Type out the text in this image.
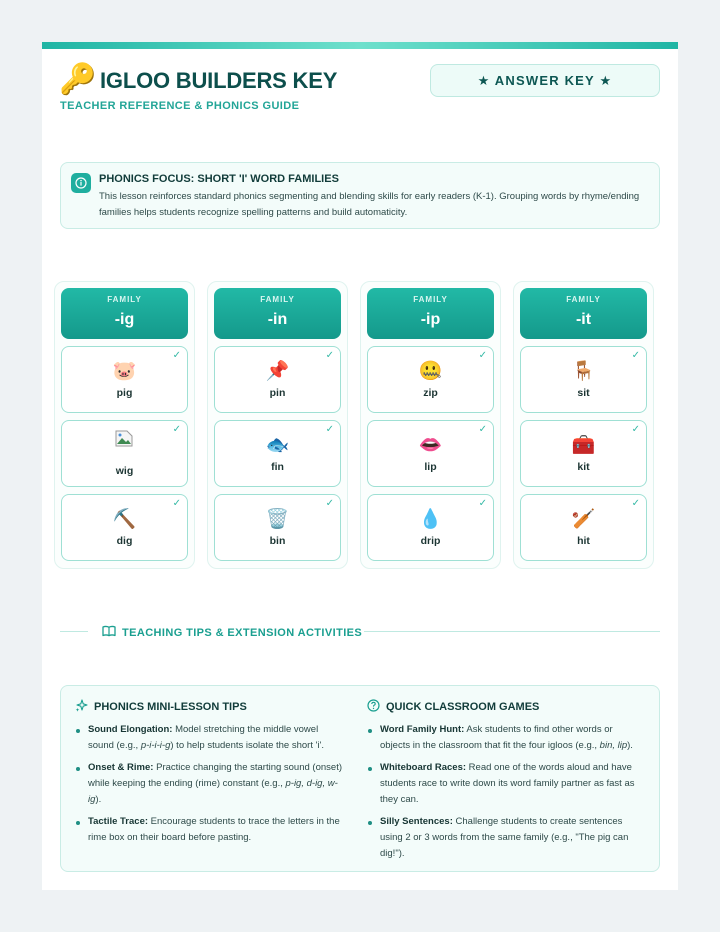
🔑 IGLOO BUILDERS KEY
TEACHER REFERENCE & PHONICS GUIDE
★ ANSWER KEY ★
PHONICS FOCUS: SHORT 'I' WORD FAMILIES
This lesson reinforces standard phonics segmenting and blending skills for early readers (K-1). Grouping words by rhyme/ending families helps students recognize spelling patterns and build automaticity.
FAMILY
-ig
🐷
pig
✓
wig
✓
⛏️
dig
✓
FAMILY
-in
📌
pin
✓
🐟
fin
✓
🗑️
bin
✓
FAMILY
-ip
🤐
zip
✓
👄
lip
✓
💧
drip
✓
FAMILY
-it
🪑
sit
✓
🧰
kit
✓
🏏
hit
✓
TEACHING TIPS & EXTENSION ACTIVITIES
PHONICS MINI-LESSON TIPS
Sound Elongation: Model stretching the middle vowel sound (e.g., p-i-i-i-g) to help students isolate the short 'i'.
Onset & Rime: Practice changing the starting sound (onset) while keeping the ending (rime) constant (e.g., p-ig, d-ig, w-ig).
Tactile Trace: Encourage students to trace the letters in the rime box on their board before pasting.
QUICK CLASSROOM GAMES
Word Family Hunt: Ask students to find other words or objects in the classroom that fit the four igloos (e.g., bin, lip).
Whiteboard Races: Read one of the words aloud and have students race to write down its word family partner as fast as they can.
Silly Sentences: Challenge students to create sentences using 2 or 3 words from the same family (e.g., "The pig can dig!").
